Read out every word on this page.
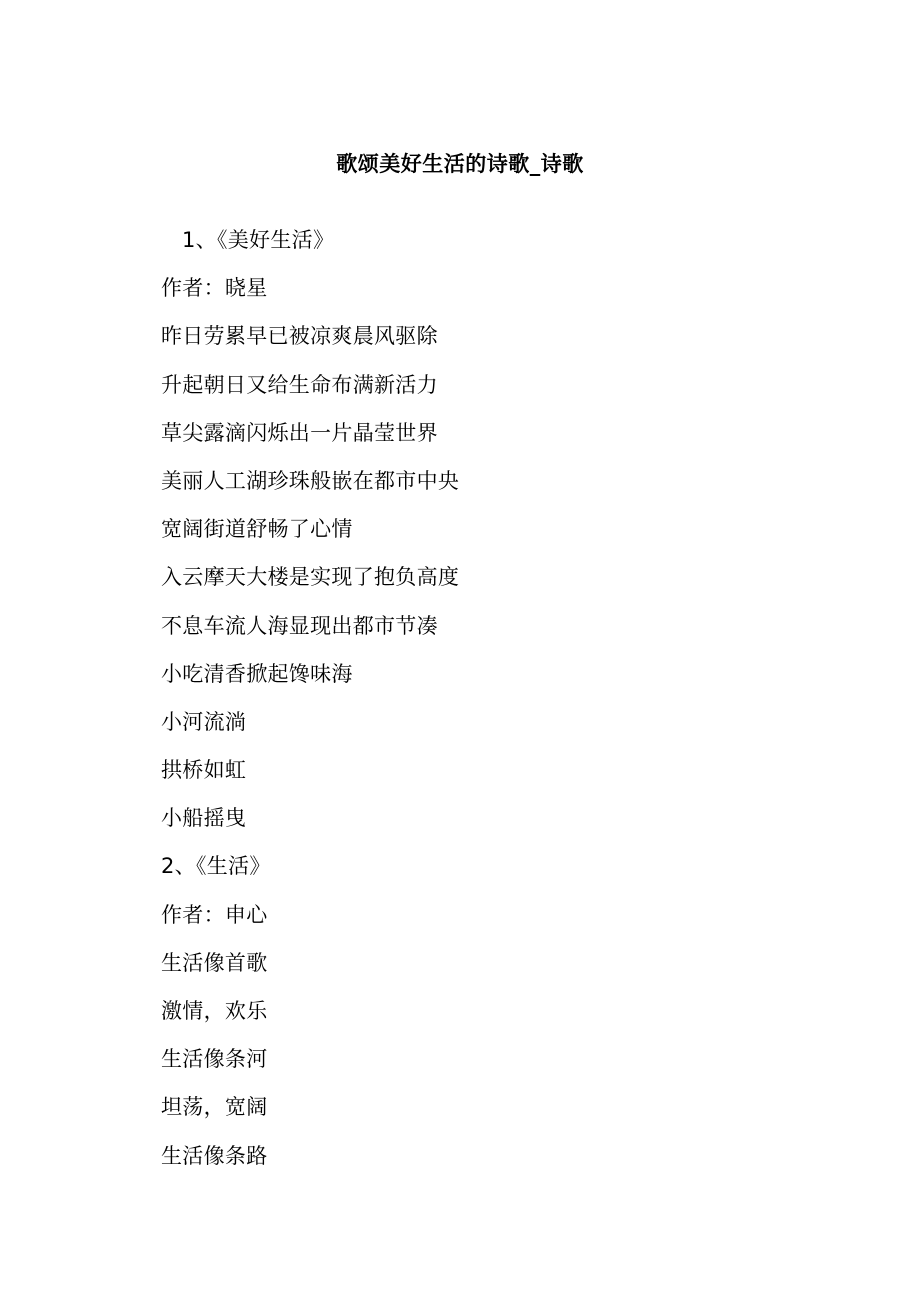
歌颂美好生活的诗歌_诗歌
1、《美好生活》
作者：晓星
昨日劳累早已被凉爽晨风驱除
升起朝日又给生命布满新活力
草尖露滴闪烁出一片晶莹世界
美丽人工湖珍珠般嵌在都市中央
宽阔街道舒畅了心情
入云摩天大楼是实现了抱负高度
不息车流人海显现出都市节凑
小吃清香掀起馋味海
小河流淌
拱桥如虹
小船摇曳
2、《生活》
作者：申心
生活像首歌
激情，欢乐
生活像条河
坦荡，宽阔
生活像条路
